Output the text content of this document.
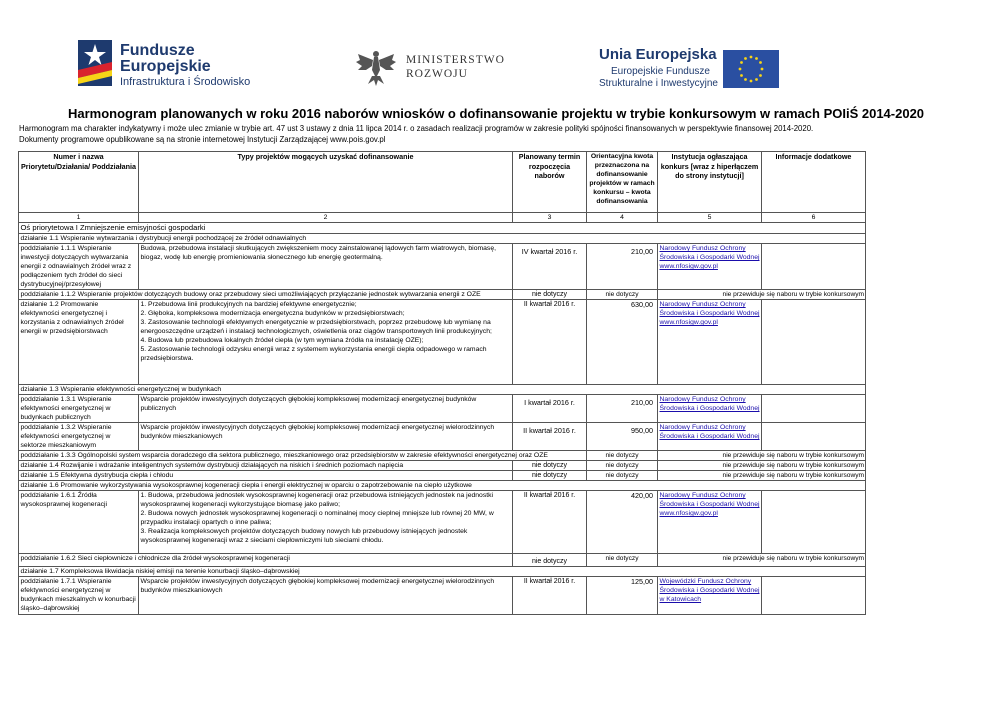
Fundusze
Europejskie
Infrastruktura i Środowisko
MINISTERSTWO
ROZWOJU
Unia Europejska
Europejskie Fundusze
Strukturalne i Inwestycyjne
Harmonogram planowanych w roku 2016 naborów wniosków o dofinansowanie projektu w trybie konkursowym w ramach POIiŚ 2014-2020
Harmonogram ma charakter indykatywny i może ulec zmianie w trybie art. 47 ust 3 ustawy z dnia 11 lipca 2014 r. o zasadach realizacji programów w zakresie polityki spójności finansowanych w perspektywie finansowej 2014-2020.
Dokumenty programowe opublikowane są na stronie internetowej Instytucji Zarządzającej www.pois.gov.pl
Numer i nazwa Priorytetu/Działania/ Poddziałania	Typy projektów mogących uzyskać dofinansowanie	Planowany termin rozpoczęcia naborów	Orientacyjna kwota przeznaczona na dofinansowanie projektów w ramach konkursu – kwota dofinansowania	Instytucja ogłaszająca konkurs [wraz z hiperłączem do strony instytucji]	Informacje dodatkowe
1	2	3	4	5	6
Oś priorytetowa I Zmniejszenie emisyjności gospodarki					
działanie 1.1 Wspieranie wytwarzania i dystrybucji energii pochodzącej ze źródeł odnawialnych					
poddziałanie 1.1.1 Wspieranie inwestycji dotyczących wytwarzania energii z odnawialnych źródeł wraz z podłączeniem tych źródeł do sieci dystrybucyjnej/przesyłowej	Budowa, przebudowa instalacji skutkujących zwiększeniem mocy zainstalowanej lądowych farm wiatrowych, biomasę, biogaz, wodę lub energię promieniowania słonecznego lub energię geotermalną.	IV kwartał 2016 r.	210,00	Narodowy Fundusz Ochrony Środowiska i Gospodarki Wodnej
www.nfosigw.gov.pl	

poddziałanie 1.1.2 Wspieranie projektów dotyczących budowy oraz przebudowy sieci umożliwiających przyłączanie jednostek wytwarzania energii z OZE		nie dotyczy	nie dotyczy	nie przewiduje się naboru w trybie konkursowym	
działanie 1.2 Promowanie efektywności energetycznej i korzystania z odnawialnych źródeł energii w przedsiębiorstwach	1. Przebudowa linii produkcyjnych na bardziej efektywne energetycznie;
2. Głęboka, kompleksowa modernizacja energetyczna budynków w przedsiębiorstwach;
3. Zastosowanie technologii efektywnych energetycznie w przedsiębiorstwach, poprzez przebudowę lub wymianę na energooszczędne urządzeń i instalacji technologicznych, oświetlenia oraz ciągów transportowych linii produkcyjnych;
4. Budowa lub przebudowa lokalnych źródeł ciepła (w tym wymiana źródła na instalację OZE);
5. Zastosowanie technologii odzysku energii wraz z systemem wykorzystania energii ciepła odpadowego w ramach przedsiębiorstwa.	II kwartał 2016 r.	630,00	Narodowy Fundusz Ochrony Środowiska i Gospodarki Wodnej
www.nfosigw.gov.pl	

działanie 1.3 Wspieranie efektywności energetycznej w budynkach					
poddziałanie 1.3.1 Wspieranie efektywności energetycznej w budynkach publicznych	Wsparcie projektów inwestycyjnych dotyczących głębokiej kompleksowej modernizacji energetycznej budynków publicznych	I kwartał 2016 r.	210,00	Narodowy Fundusz Ochrony Środowiska i Gospodarki Wodnej	

poddziałanie 1.3.2 Wspieranie efektywności energetycznej w sektorze mieszkaniowym	Wsparcie projektów inwestycyjnych dotyczących głębokiej kompleksowej modernizacji energetycznej wielorodzinnych budynków mieszkaniowych	II kwartał 2016 r.	950,00	Narodowy Fundusz Ochrony Środowiska i Gospodarki Wodnej	

poddziałanie 1.3.3 Ogólnopolski system wsparcia doradczego dla sektora publicznego, mieszkaniowego oraz przedsiębiorstw w zakresie efektywności energetycznej oraz OZE			nie dotyczy	nie przewiduje się naboru w trybie konkursowym	
działanie 1.4 Rozwijanie i wdrażanie inteligentnych systemów dystrybucji działających na niskich i średnich poziomach napięcia		nie dotyczy	nie dotyczy	nie przewiduje się naboru w trybie konkursowym	
działanie 1.5 Efektywna dystrybucja ciepła i chłodu		nie dotyczy	nie dotyczy	nie przewiduje się naboru w trybie konkursowym	
działanie 1.6 Promowanie wykorzystywania wysokosprawnej kogeneracji ciepła i energii elektrycznej w oparciu o zapotrzebowanie na ciepło użytkowe					
poddziałanie 1.6.1 Źródła wysokosprawnej kogeneracji	1. Budowa, przebudowa jednostek wysokosprawnej kogeneracji oraz przebudowa istniejących jednostek na jednostki wysokosprawnej kogeneracji wykorzystujące biomasę jako paliwo;
2. Budowa nowych jednostek wysokosprawnej kogeneracji o nominalnej mocy cieplnej mniejsze lub równej 20 MW, w przypadku instalacji opartych o inne paliwa;
3. Realizacja kompleksowych projektów dotyczących budowy nowych lub przebudowy istniejących jednostek wysokosprawnej kogeneracji wraz z sieciami ciepłowniczymi lub sieciami chłodu.	II kwartał 2016 r.	420,00	Narodowy Fundusz Ochrony Środowiska i Gospodarki Wodnej
www.nfosigw.gov.pl	

poddziałanie 1.6.2 Sieci ciepłownicze i chłodnicze dla źródeł wysokosprawnej kogeneracji		nie dotyczy	nie dotyczy	nie przewiduje się naboru w trybie konkursowym	
działanie 1.7 Kompleksowa likwidacja niskiej emisji na terenie konurbacji śląsko–dąbrowskiej					
poddziałanie 1.7.1 Wspieranie efektywności energetycznej w budynkach mieszkalnych w konurbacji śląsko–dąbrowskiej	Wsparcie projektów inwestycyjnych dotyczących głębokiej kompleksowej modernizacji energetycznej wielorodzinnych budynków mieszkaniowych	II kwartał 2016 r.	125,00	Wojewódzki Fundusz Ochrony Środowiska i Gospodarki Wodnej w Katowicach	
